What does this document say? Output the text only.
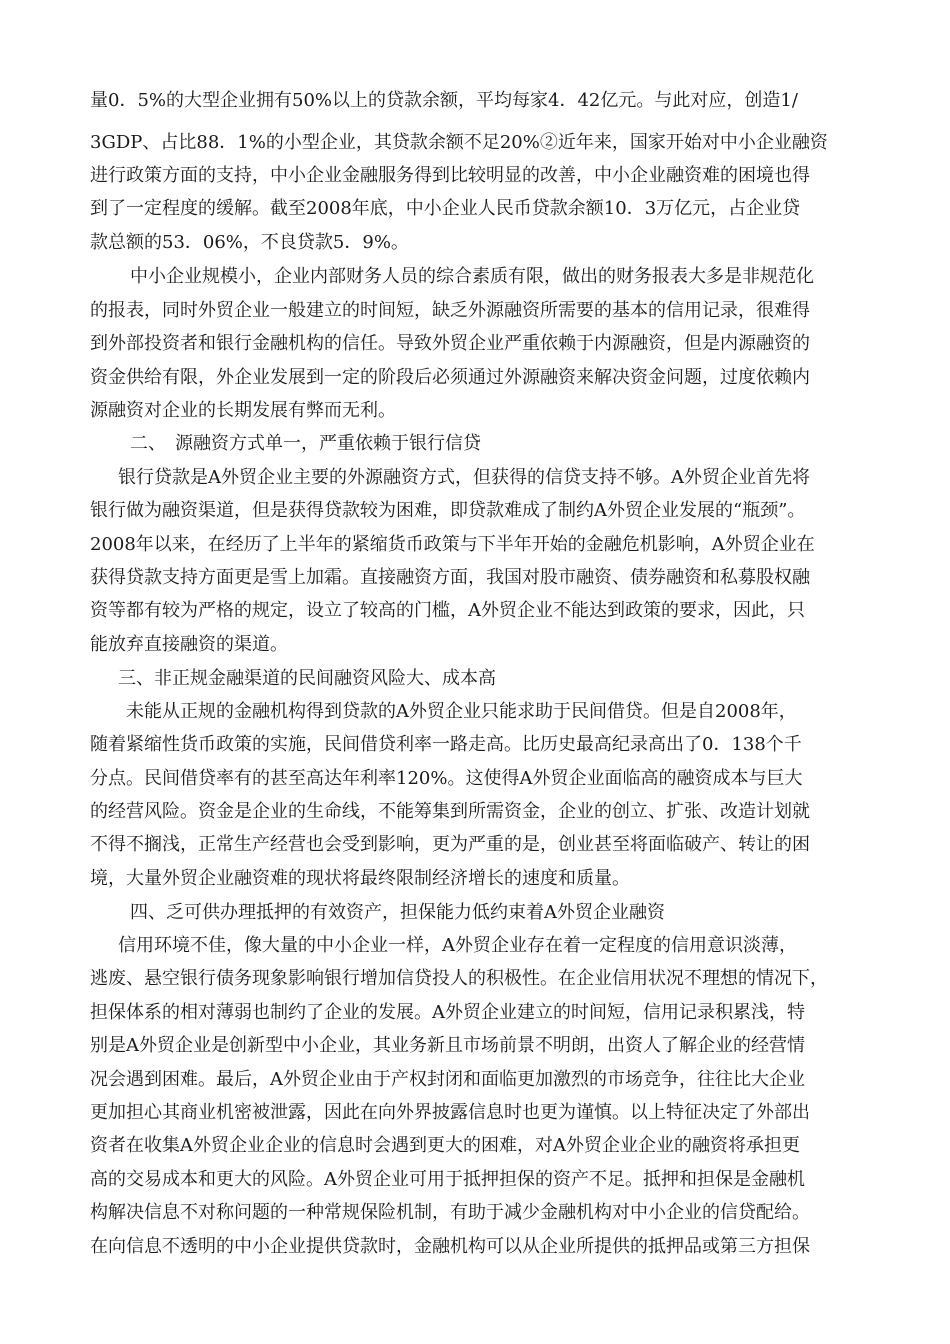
量0．5%的大型企业拥有50%以上的贷款余额，平均每家4．42亿元。与此对应，创造1/
3GDP、占比88．1%的小型企业，其贷款余额不足20%②近年来，国家开始对中小企业融资
进行政策方面的支持，中小企业金融服务得到比较明显的改善，中小企业融资难的困境也得
到了一定程度的缓解。截至2008年底，中小企业人民币贷款余额10．3万亿元，占企业贷
款总额的53．06%，不良贷款5．9%。
中小企业规模小，企业内部财务人员的综合素质有限，做出的财务报表大多是非规范化
的报表，同时外贸企业一般建立的时间短，缺乏外源融资所需要的基本的信用记录，很难得
到外部投资者和银行金融机构的信任。导致外贸企业严重依赖于内源融资，但是内源融资的
资金供给有限，外企业发展到一定的阶段后必须通过外源融资来解决资金问题，过度依赖内
源融资对企业的长期发展有弊而无利。
二、　源融资方式单一，严重依赖于银行信贷
银行贷款是A外贸企业主要的外源融资方式，但获得的信贷支持不够。A外贸企业首先将
银行做为融资渠道，但是获得贷款较为困难，即贷款难成了制约A外贸企业发展的“瓶颈”。
2008年以来，在经历了上半年的紧缩货币政策与下半年开始的金融危机影响，A外贸企业在
获得贷款支持方面更是雪上加霜。直接融资方面，我国对股市融资、债券融资和私募股权融
资等都有较为严格的规定，设立了较高的门槛，A外贸企业不能达到政策的要求，因此，只
能放弃直接融资的渠道。
三、非正规金融渠道的民间融资风险大、成本高
未能从正规的金融机构得到贷款的A外贸企业只能求助于民间借贷。但是自2008年，
随着紧缩性货币政策的实施，民间借贷利率一路走高。比历史最高纪录高出了0．138个千
分点。民间借贷率有的甚至高达年利率120%。这使得A外贸企业面临高的融资成本与巨大
的经营风险。资金是企业的生命线，不能筹集到所需资金，企业的创立、扩张、改造计划就
不得不搁浅，正常生产经营也会受到影响，更为严重的是，创业甚至将面临破产、转让的困
境，大量外贸企业融资难的现状将最终限制经济增长的速度和质量。
四、乏可供办理抵押的有效资产，担保能力低约束着A外贸企业融资
信用环境不佳，像大量的中小企业一样，A外贸企业存在着一定程度的信用意识淡薄，
逃废、悬空银行债务现象影响银行增加信贷投人的积极性。在企业信用状况不理想的情况下，
担保体系的相对薄弱也制约了企业的发展。A外贸企业建立的时间短，信用记录积累浅，特
别是A外贸企业是创新型中小企业，其业务新且市场前景不明朗，出资人了解企业的经营情
况会遇到困难。最后，A外贸企业由于产权封闭和面临更加激烈的市场竞争，往往比大企业
更加担心其商业机密被泄露，因此在向外界披露信息时也更为谨慎。以上特征决定了外部出
资者在收集A外贸企业企业的信息时会遇到更大的困难，对A外贸企业企业的融资将承担更
高的交易成本和更大的风险。A外贸企业可用于抵押担保的资产不足。抵押和担保是金融机
构解决信息不对称问题的一种常规保险机制，有助于减少金融机构对中小企业的信贷配给。
在向信息不透明的中小企业提供贷款时，金融机构可以从企业所提供的抵押品或第三方担保
